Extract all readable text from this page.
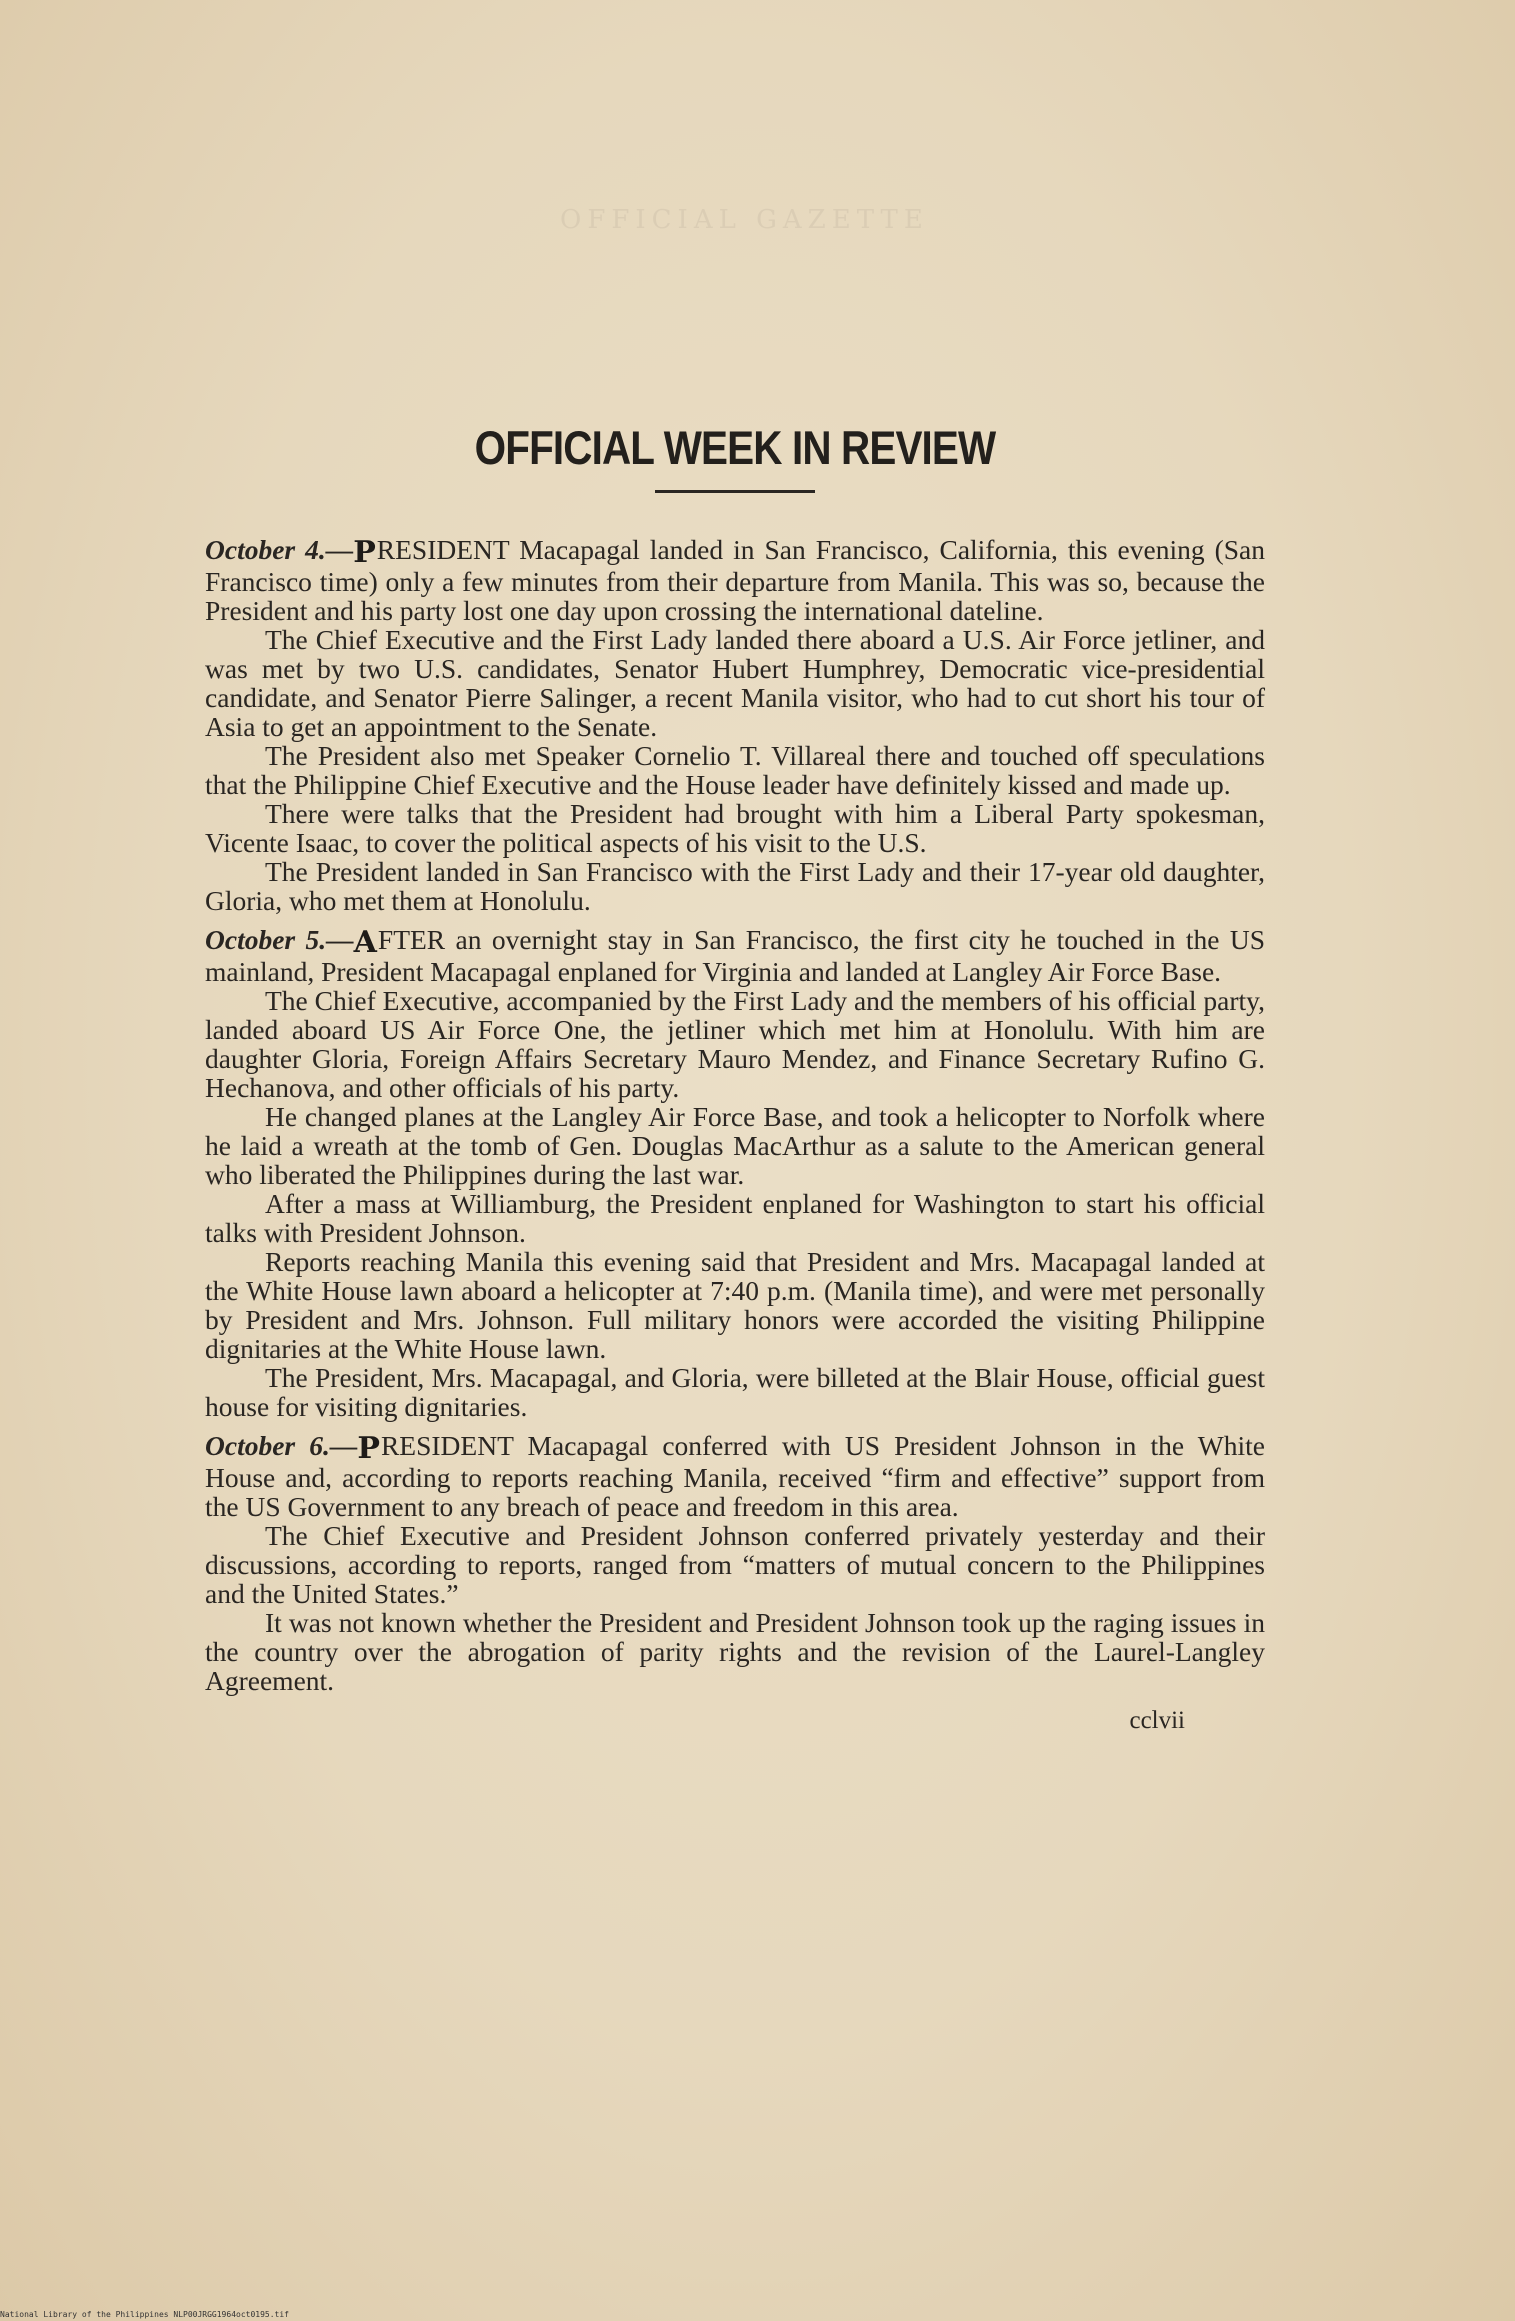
OFFICIAL GAZETTE
OFFICIAL WEEK IN REVIEW

October 4.—PRESIDENT Macapagal landed in San Francisco, California, this evening (San Francisco time) only a few minutes from their departure from Manila. This was so, because the President and his party lost one day upon crossing the international dateline.

The Chief Executive and the First Lady landed there aboard a U.S. Air Force jetliner, and was met by two U.S. candidates, Senator Hubert Humphrey, Democratic vice-presidential candidate, and Senator Pierre Salinger, a recent Manila visitor, who had to cut short his tour of Asia to get an appointment to the Senate.

The President also met Speaker Cornelio T. Villareal there and touched off speculations that the Philippine Chief Executive and the House leader have definitely kissed and made up.

There were talks that the President had brought with him a Liberal Party spokesman, Vicente Isaac, to cover the political aspects of his visit to the U.S.

The President landed in San Francisco with the First Lady and their 17-year old daughter, Gloria, who met them at Honolulu.

October 5.—AFTER an overnight stay in San Francisco, the first city he touched in the US mainland, President Macapagal enplaned for Virginia and landed at Langley Air Force Base.

The Chief Executive, accompanied by the First Lady and the members of his official party, landed aboard US Air Force One, the jetliner which met him at Honolulu. With him are daughter Gloria, Foreign Affairs Secretary Mauro Mendez, and Finance Secretary Rufino G. Hechanova, and other officials of his party.

He changed planes at the Langley Air Force Base, and took a helicopter to Norfolk where he laid a wreath at the tomb of Gen. Douglas MacArthur as a salute to the American general who liberated the Philippines during the last war.

After a mass at Williamburg, the President enplaned for Washington to start his official talks with President Johnson.

Reports reaching Manila this evening said that President and Mrs. Macapagal landed at the White House lawn aboard a helicopter at 7:40 p.m. (Manila time), and were met personally by President and Mrs. Johnson. Full military honors were accorded the visiting Philippine dignitaries at the White House lawn.

The President, Mrs. Macapagal, and Gloria, were billeted at the Blair House, official guest house for visiting dignitaries.

October 6.—PRESIDENT Macapagal conferred with US President Johnson in the White House and, according to reports reaching Manila, received “firm and effective” support from the US Government to any breach of peace and freedom in this area.

The Chief Executive and President Johnson conferred privately yesterday and their discussions, according to reports, ranged from “matters of mutual concern to the Philippines and the United States.”

It was not known whether the President and President Johnson took up the raging issues in the country over the abrogation of parity rights and the revision of the Laurel-Langley Agreement.

cclvii
National Library of the Philippines NLP00JRGG1964oct0195.tif
